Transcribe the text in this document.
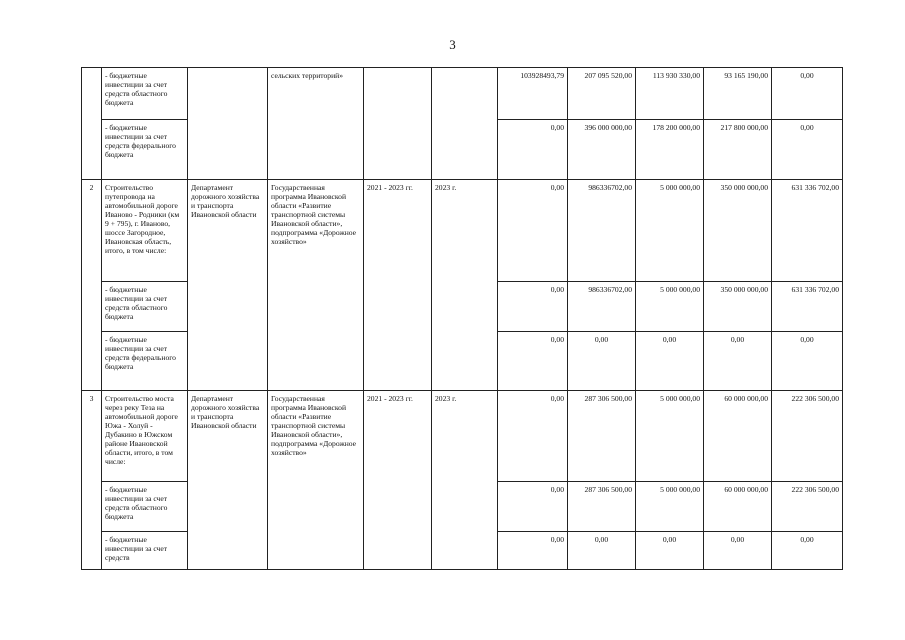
3
	- бюджетные инвестиции за счет средств областного бюджета		сельских территорий»			103928493,79	207 095 520,00	113 930 330,00	93 165 190,00	0,00
	- бюджетные инвестиции за счет средств федерального бюджета					0,00	396 000 000,00	178 200 000,00	217 800 000,00	0,00
2	Строительство путепровода на автомобильной дороге Иваново - Родники (км 9 + 795), г. Иваново, шоссе Загородное, Ивановская область, итого, в том числе:	Департамент дорожного хозяйства и транспорта Ивановской области	Государственная программа Ивановской области «Развитие транспортной системы Ивановской области», подпрограмма «Дорожное хозяйство»	2021 - 2023 гг.	2023 г.	0,00	986336702,00	5 000 000,00	350 000 000,00	631 336 702,00
	- бюджетные инвестиции за счет средств областного бюджета					0,00	986336702,00	5 000 000,00	350 000 000,00	631 336 702,00
	- бюджетные инвестиции за счет средств федерального бюджета					0,00	0,00	0,00	0,00	0,00
3	Строительство моста через реку Теза на автомобильной дороге Южа - Холуй - Дубакино в Южском районе Ивановской области, итого, в том числе:	Департамент дорожного хозяйства и транспорта Ивановской области	Государственная программа Ивановской области «Развитие транспортной системы Ивановской области», подпрограмма «Дорожное хозяйство»	2021 - 2023 гг.	2023 г.	0,00	287 306 500,00	5 000 000,00	60 000 000,00	222 306 500,00
	- бюджетные инвестиции за счет средств областного бюджета					0,00	287 306 500,00	5 000 000,00	60 000 000,00	222 306 500,00
	- бюджетные инвестиции за счет средств					0,00	0,00	0,00	0,00	0,00
